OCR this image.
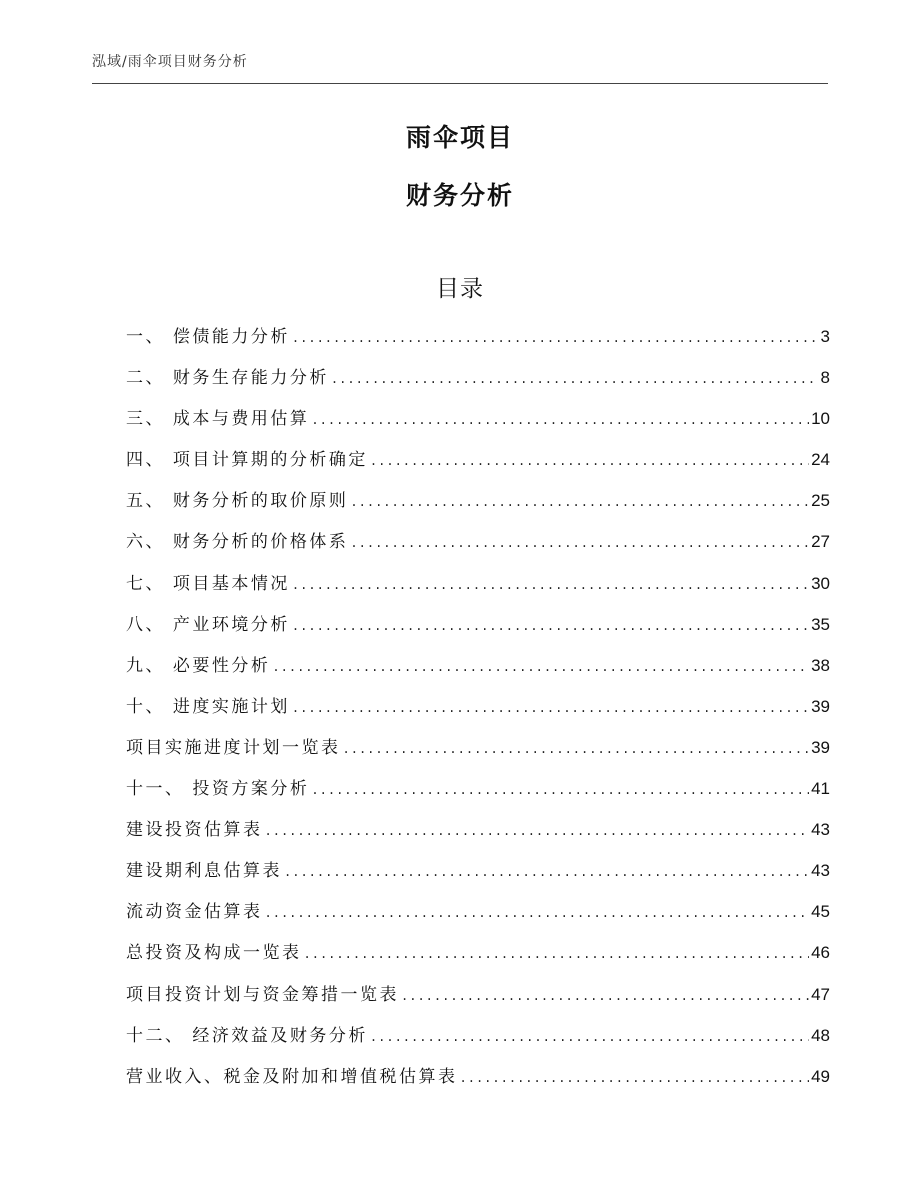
泓域/雨伞项目财务分析
雨伞项目
财务分析
目录
一、 偿债能力分析 .....	3
二、 财务生存能力分析 .....	8
三、 成本与费用估算 .....	10
四、 项目计算期的分析确定 .....	24
五、 财务分析的取价原则 .....	25
六、 财务分析的价格体系 .....	27
七、 项目基本情况 .....	30
八、 产业环境分析 .....	35
九、 必要性分析 .....	38
十、 进度实施计划 .....	39
项目实施进度计划一览表 .....	39
十一、 投资方案分析 .....	41
建设投资估算表 .....	43
建设期利息估算表 .....	43
流动资金估算表 .....	45
总投资及构成一览表 .....	46
项目投资计划与资金筹措一览表 .....	47
十二、 经济效益及财务分析 .....	48
营业收入、税金及附加和增值税估算表 .....	49
